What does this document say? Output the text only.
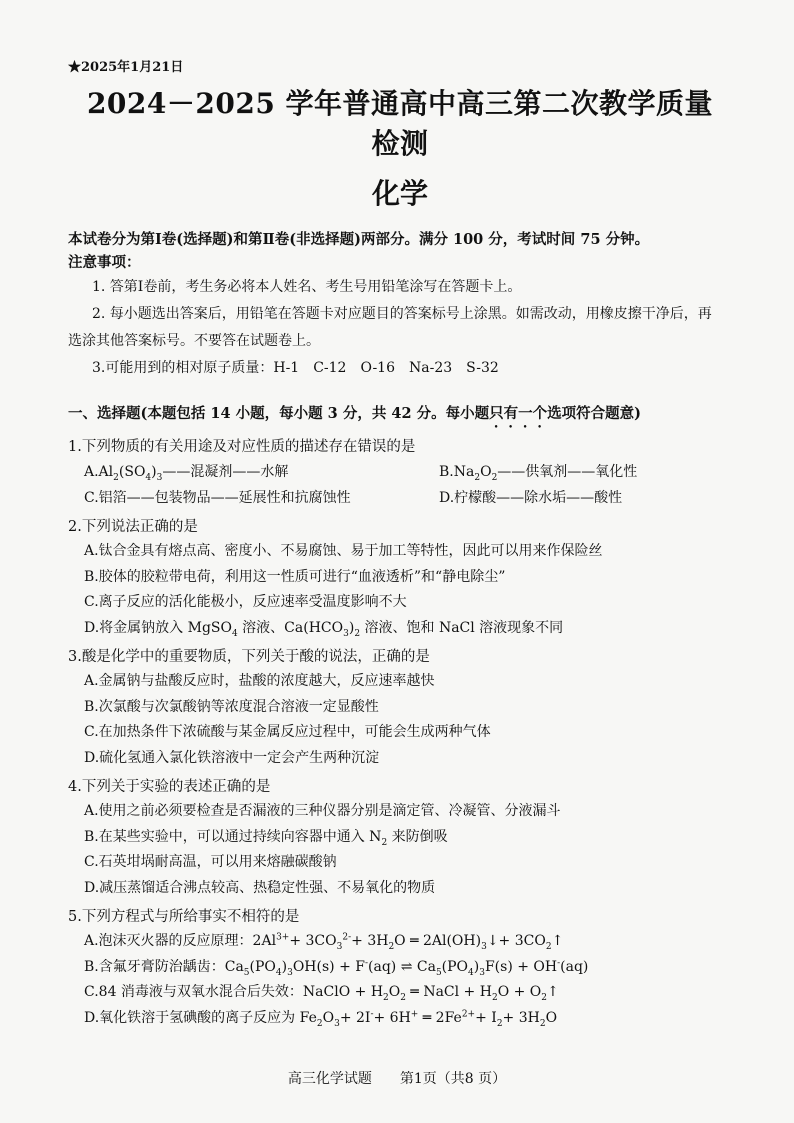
★2025年1月21日
2024－2025 学年普通高中高三第二次教学质量检测
化学
本试卷分为第Ⅰ卷(选择题)和第Ⅱ卷(非选择题)两部分。满分 100 分，考试时间 75 分钟。
注意事项：
1. 答第Ⅰ卷前，考生务必将本人姓名、考生号用铅笔涂写在答题卡上。
2. 每小题选出答案后，用铅笔在答题卡对应题目的答案标号上涂黑。如需改动，用橡皮擦干净后，再选涂其他答案标号。不要答在试题卷上。
3.可能用到的相对原子质量：H-1　C-12　O-16　Na-23　S-32
一、选择题(本题包括 14 小题，每小题 3 分，共 42 分。每小题只有一个选项符合题意)
1.下列物质的有关用途及对应性质的描述存在错误的是
$A.Al_2(SO_4)_3——$混凝剂——水解	$B.Na_2O_2——$供氧剂——氧化性
C.铝箔——包装物品——延展性和抗腐蚀性	D.柠檬酸——除水垢——酸性
2.下列说法正确的是
A.钛合金具有熔点高、密度小、不易腐蚀、易于加工等特性，因此可以用来作保险丝
B.胶体的胶粒带电荷，利用这一性质可进行“血液透析”和“静电除尘”
C.离子反应的活化能极小，反应速率受温度影响不大
D.将金属钠放入 MgSO$_4$ 溶液、$Ca(HCO_3)_2$ 溶液、饱和 NaCl 溶液现象不同
3.酸是化学中的重要物质，下列关于酸的说法，正确的是
A.金属钠与盐酸反应时，盐酸的浓度越大，反应速率越快
B.次氯酸与次氯酸钠等浓度混合溶液一定显酸性
C.在加热条件下浓硫酸与某金属反应过程中，可能会生成两种气体
D.硫化氢通入氯化铁溶液中一定会产生两种沉淀
4.下列关于实验的表述正确的是
A.使用之前必须要检查是否漏液的三种仪器分别是滴定管、冷凝管、分液漏斗
B.在某些实验中，可以通过持续向容器中通入 $N_2$ 来防倒吸
C.石英坩埚耐高温，可以用来熔融碳酸钠
D.减压蒸馏适合沸点较高、热稳定性强、不易氧化的物质
5.下列方程式与所给事实不相符的是
A.泡沫灭火器的反应原理：$2Al^{3+}+ 3CO_3^{2-}+ 3H_2O$ ═ $2Al(OH)_3↓+$ $3CO_2↑$
B.含氟牙膏防治龋齿：$Ca_5(PO_4)_3OH(s) + F^-(aq)$ ⇌ $Ca_5(PO_4)_3F(s) + OH^-(aq)$
C.84 消毒液与双氧水混合后失效：NaClO + $H_2O_2$ ═ NaCl + $H_2O$ + $O_2↑$
D.氧化铁溶于氢碘酸的离子反应为 $Fe_2O_3+ 2I^-+ 6H^+$ ═ $2Fe^{2+}+ I_2+ 3H_2O$
高三化学试题　　第1页（共8 页）
